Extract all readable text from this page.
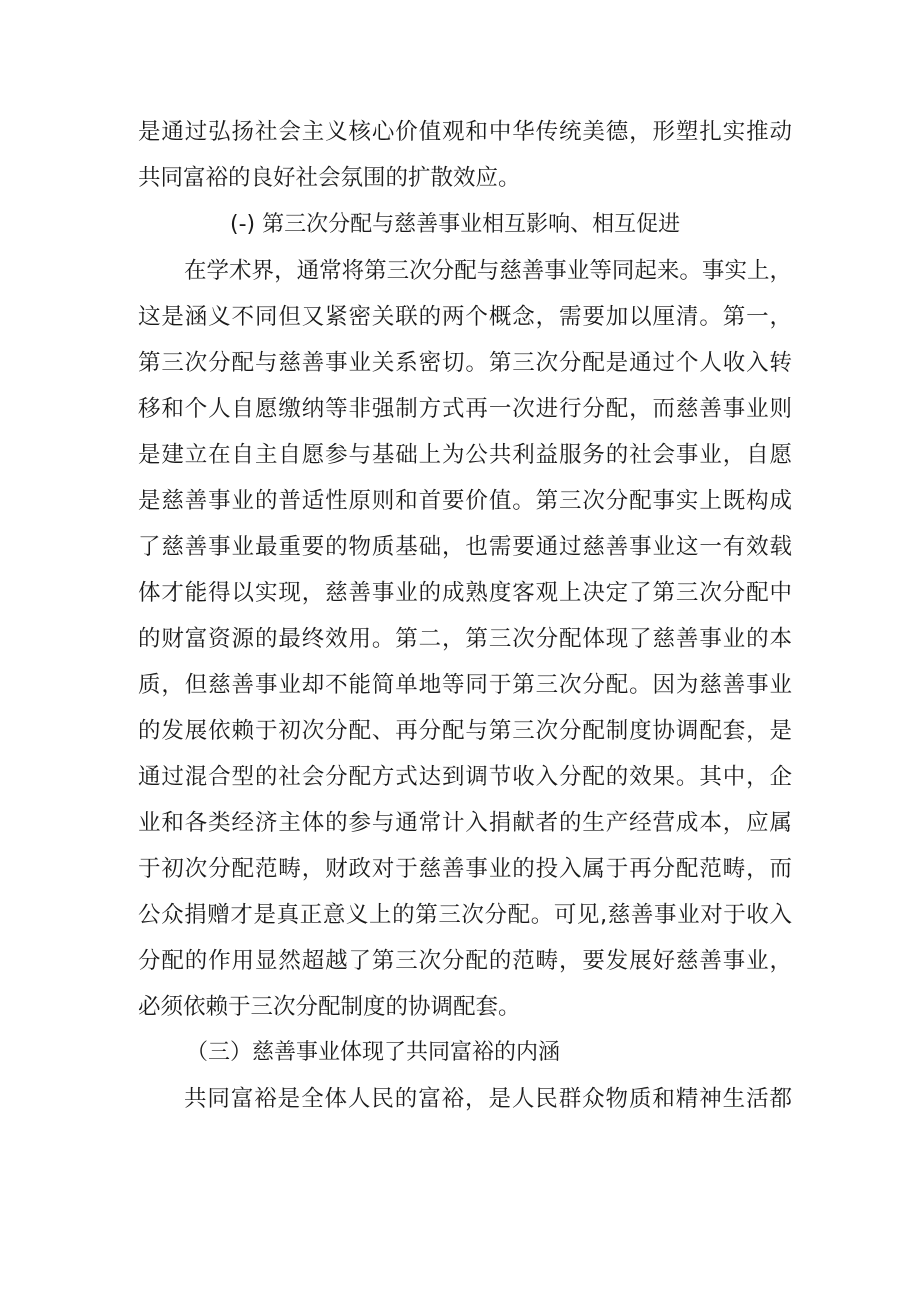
是通过弘扬社会主义核心价值观和中华传统美德，形塑扎实推动

共同富裕的良好社会氛围的扩散效应。

(-) 第三次分配与慈善事业相互影响、相互促进

在学术界，通常将第三次分配与慈善事业等同起来。事实上，

这是涵义不同但又紧密关联的两个概念，需要加以厘清。第一，

第三次分配与慈善事业关系密切。第三次分配是通过个人收入转

移和个人自愿缴纳等非强制方式再一次进行分配，而慈善事业则

是建立在自主自愿参与基础上为公共利益服务的社会事业，自愿

是慈善事业的普适性原则和首要价值。第三次分配事实上既构成

了慈善事业最重要的物质基础，也需要通过慈善事业这一有效载

体才能得以实现，慈善事业的成熟度客观上决定了第三次分配中

的财富资源的最终效用。第二，第三次分配体现了慈善事业的本

质，但慈善事业却不能简单地等同于第三次分配。因为慈善事业

的发展依赖于初次分配、再分配与第三次分配制度协调配套，是

通过混合型的社会分配方式达到调节收入分配的效果。其中，企

业和各类经济主体的参与通常计入捐献者的生产经营成本，应属

于初次分配范畴，财政对于慈善事业的投入属于再分配范畴，而

公众捐赠才是真正意义上的第三次分配。可见,慈善事业对于收入

分配的作用显然超越了第三次分配的范畴，要发展好慈善事业，

必须依赖于三次分配制度的协调配套。

（三）慈善事业体现了共同富裕的内涵

共同富裕是全体人民的富裕，是人民群众物质和精神生活都
